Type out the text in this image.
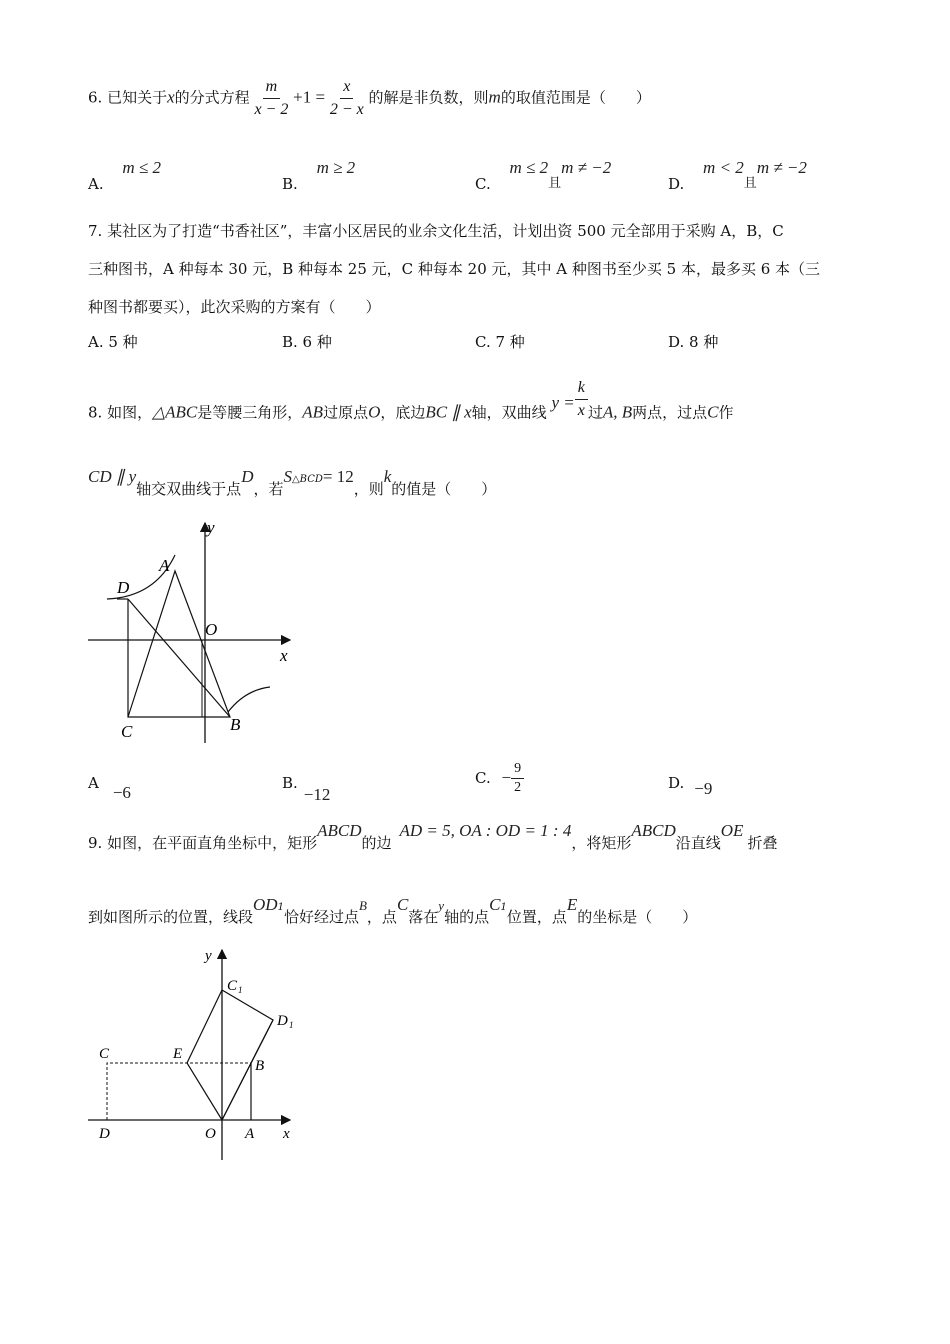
6. 已知关于x的分式方程 $\frac{m}{x - 2} +1 = \frac{x}{2 - x}$ 的解是非负数，则m的取值范围是（　　）
A. m ≤ 2
B. m ≥ 2
C. m ≤ 2且m ≠ −2
D. m < 2且m ≠ −2
7. 某社区为了打造“书香社区”，丰富小区居民的业余文化生活，计划出资 500 元全部用于采购 A，B，C
三种图书，A 种每本 30 元，B 种每本 25 元，C 种每本 20 元，其中 A 种图书至少买 5 本，最多买 6 本（三
种图书都要买），此次采购的方案有（　　）
A. 5 种	B. 6 种	C. 7 种	D. 8 种
8. 如图，△ABC是等腰三角形，AB过原点O，底边BC ∥ x轴，双曲线 $y = \frac{k}{x}$ 过A, B两点，过点C作
CD ∥ y轴交双曲线于点D，若S△BCD= 12，则k的值是（　　）
y
x
A
D
O
C	B
A −6	B.−12
C. − $\frac{9}{2}$	D. −9
9. 如图，在平面直角坐标中，矩形ABCD的边AD = 5, OA : OD = 1 : 4，将矩形ABCD沿直线OE折叠
到如图所示的位置，线段OD1恰好经过点B，点C落在y轴的点C1位置，点E的坐标是（　　）
y
C 1
D 1
C	E
B
D	O A x
